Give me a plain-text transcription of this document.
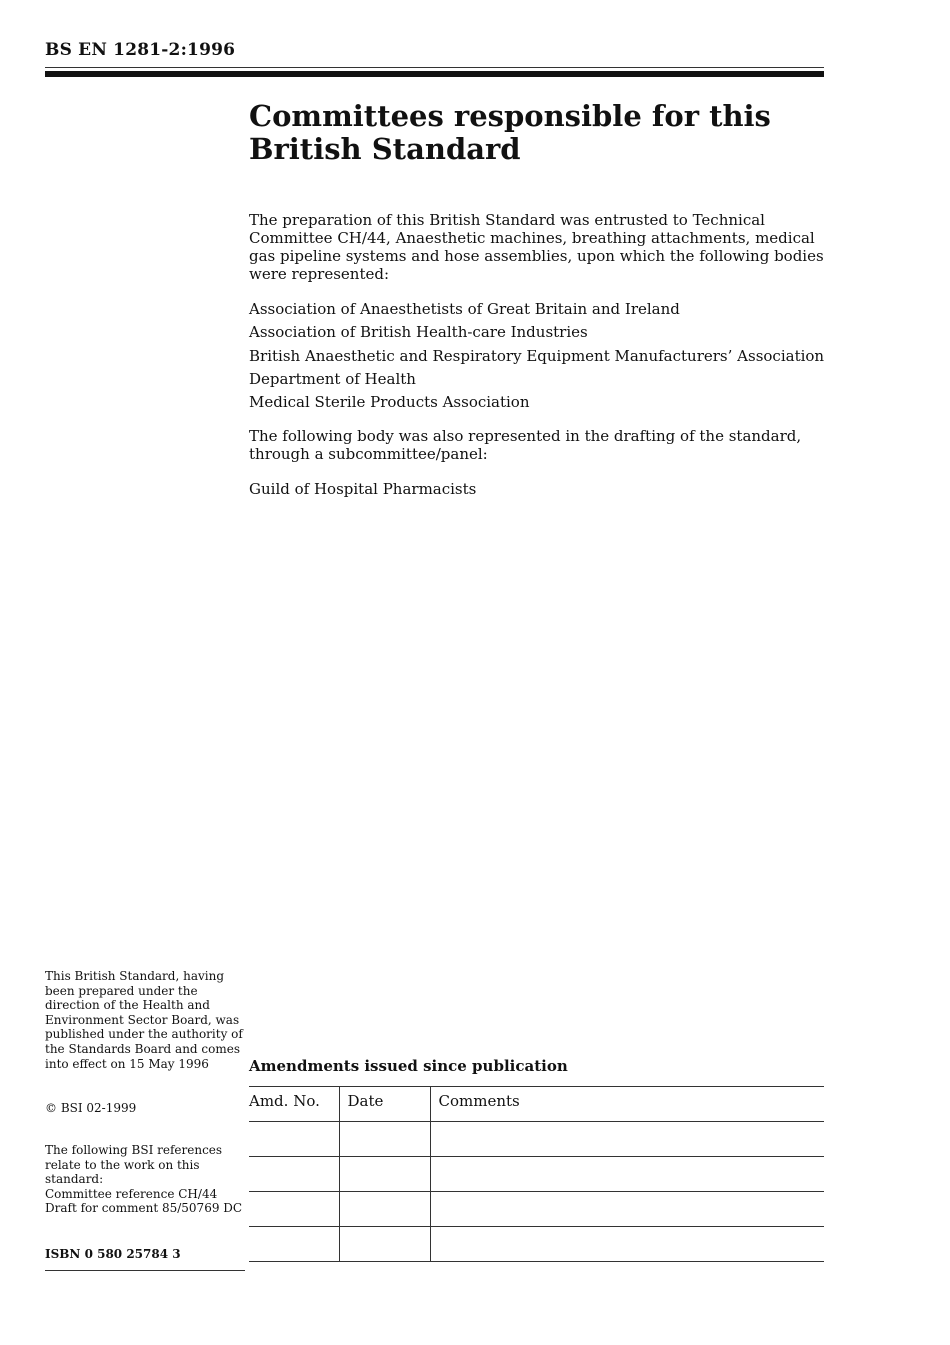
BS EN 1281-2:1996
Committees responsible for this British Standard

The preparation of this British Standard was entrusted to Technical Committee CH/44, Anaesthetic machines, breathing attachments, medical gas pipeline systems and hose assemblies, upon which the following bodies were represented:

Association of Anaesthetists of Great Britain and Ireland
Association of British Health-care Industries
British Anaesthetic and Respiratory Equipment Manufacturers’ Association
Department of Health
Medical Sterile Products Association

The following body was also represented in the drafting of the standard, through a subcommittee/panel:

Guild of Hospital Pharmacists

This British Standard, having been prepared under the direction of the Health and Environment Sector Board, was published under the authority of the Standards Board and comes into effect on 15 May 1996
© BSI 02-1999
The following BSI references relate to the work on this standard:
Committee reference CH/44
Draft for comment 85/50769 DC
ISBN 0 580 25784 3
Amendments issued since publication
Amd. No.	Date	Comments
